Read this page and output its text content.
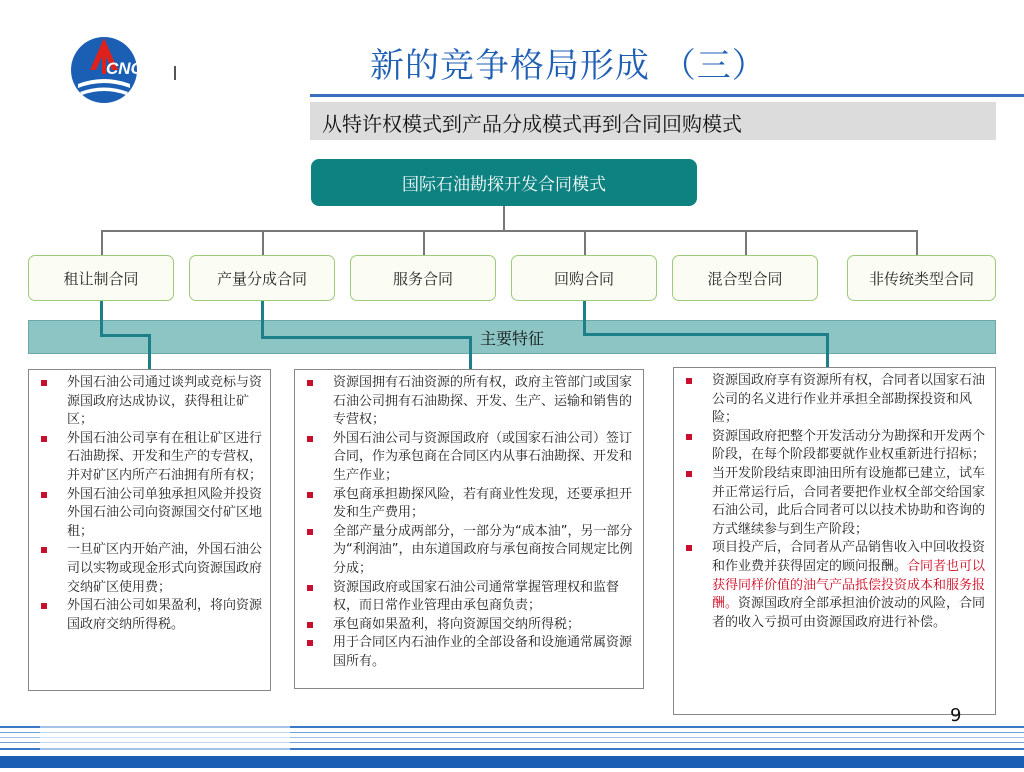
CNOOC	新的竞争格局形成 （三）
从特许权模式到产品分成模式再到合同回购模式
国际石油勘探开发合同模式
租让制合同	产量分成合同	服务合同	回购合同	混合型合同	非传统类型合同
主要特征
外国石油公司通过谈判或竞标与资源国政府达成协议，获得租让矿区；
外国石油公司享有在租让矿区进行石油勘探、开发和生产的专营权，并对矿区内所产石油拥有所有权；
外国石油公司单独承担风险并投资外国石油公司向资源国交付矿区地租；
一旦矿区内开始产油，外国石油公司以实物或现金形式向资源国政府交纳矿区使用费；
外国石油公司如果盈利，将向资源国政府交纳所得税。
资源国拥有石油资源的所有权，政府主管部门或国家石油公司拥有石油勘探、开发、生产、运输和销售的专营权；
外国石油公司与资源国政府（或国家石油公司）签订合同，作为承包商在合同区内从事石油勘探、开发和生产作业；
承包商承担勘探风险，若有商业性发现，还要承担开发和生产费用；
全部产量分成两部分，一部分为“成本油”，另一部分为“利润油”，由东道国政府与承包商按合同规定比例分成；
资源国政府或国家石油公司通常掌握管理权和监督权，而日常作业管理由承包商负责；
承包商如果盈利，将向资源国交纳所得税；
用于合同区内石油作业的全部设备和设施通常属资源国所有。
资源国政府享有资源所有权，合同者以国家石油公司的名义进行作业并承担全部勘探投资和风险；
资源国政府把整个开发活动分为勘探和开发两个阶段，在每个阶段都要就作业权重新进行招标；
当开发阶段结束即油田所有设施都已建立，试车并正常运行后，合同者要把作业权全部交给国家石油公司，此后合同者可以以技术协助和咨询的方式继续参与到生产阶段；
项目投产后，合同者从产品销售收入中回收投资和作业费并获得固定的顾问报酬。合同者也可以获得同样价值的油气产品抵偿投资成本和服务报酬。资源国政府全部承担油价波动的风险，合同者的收入亏损可由资源国政府进行补偿。
9
